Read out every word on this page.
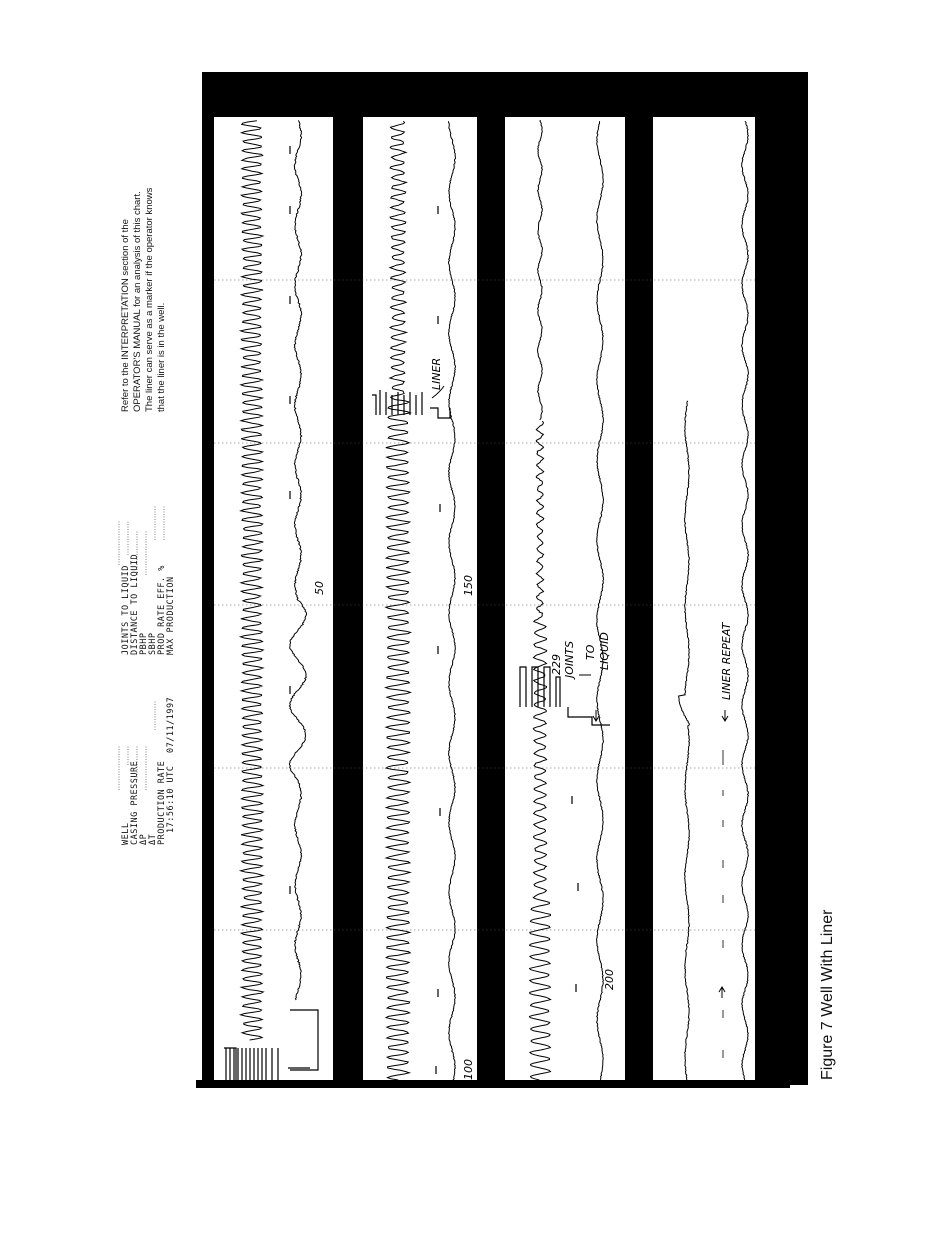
WELL CASING PRESSURE ΔP ΔT PRODUCTION RATE 17:56:10 UTC
07/11/1997
JOINTS TO LIQUID DISTANCE TO LIQUID PBHP SBHP PROD RATE EFF. % MAX PRODUCTION
Refer to the INTERPRETATION section of the OPERATOR'S MANUAL for an analysis of this chart. The liner can serve as a marker if the operator knows that the liner is in the well.	LINER
50
100
150
200
229 JOINTS TO LIQUID	LINER REPEAT
Figure 7 Well With Liner
